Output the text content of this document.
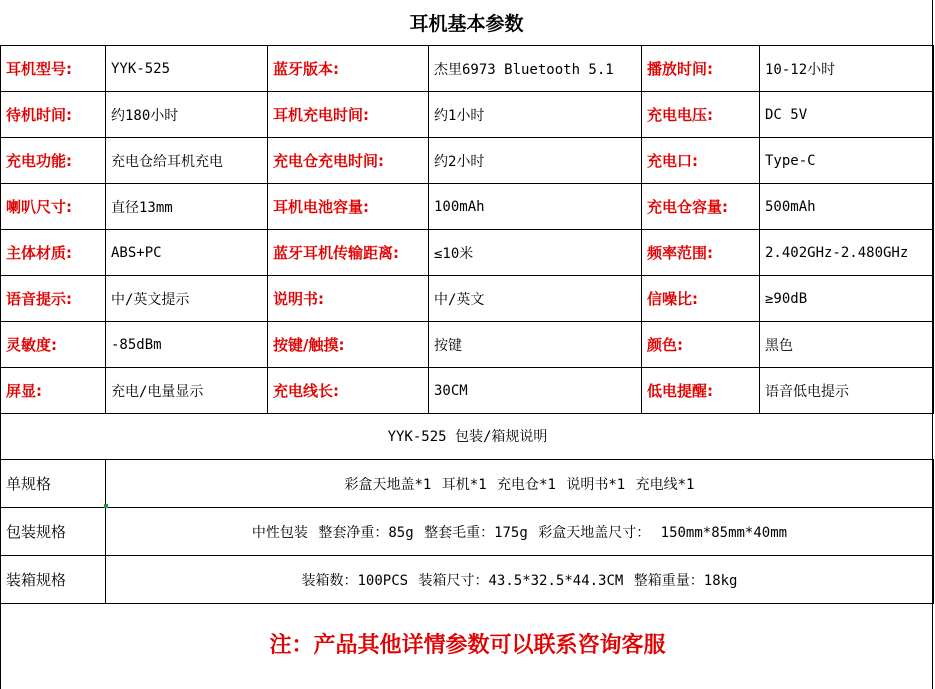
耳机基本参数
耳机型号:	YYK-525	蓝牙版本:	杰里6973 Bluetooth 5.1	播放时间:	10-12小时
待机时间:	约180小时	耳机充电时间:	约1小时	充电电压:	DC 5V
充电功能:	充电仓给耳机充电	充电仓充电时间:	约2小时	充电口:	Type-C
喇叭尺寸:	直径13mm	耳机电池容量:	100mAh	充电仓容量:	500mAh
主体材质:	ABS+PC	蓝牙耳机传输距离:	≤10米	频率范围:	2.402GHz-2.480GHz
语音提示:	中/英文提示	说明书:	中/英文	信噪比:	≥90dB
灵敏度:	-85dBm	按键/触摸:	按键	颜色:	黑色
屏显:	充电/电量显示	充电线长:	30CM	低电提醒:	语音低电提示
YYK-525 包装/箱规说明
单规格	彩盒天地盖*1 耳机*1 充电仓*1 说明书*1 充电线*1
包装规格	中性包装 整套净重：85g 整套毛重：175g 彩盒天地盖尺寸： 150mm*85mm*40mm
装箱规格	装箱数：100PCS 装箱尺寸：43.5*32.5*44.3CM 整箱重量：18kg
注：产品其他详情参数可以联系咨询客服
